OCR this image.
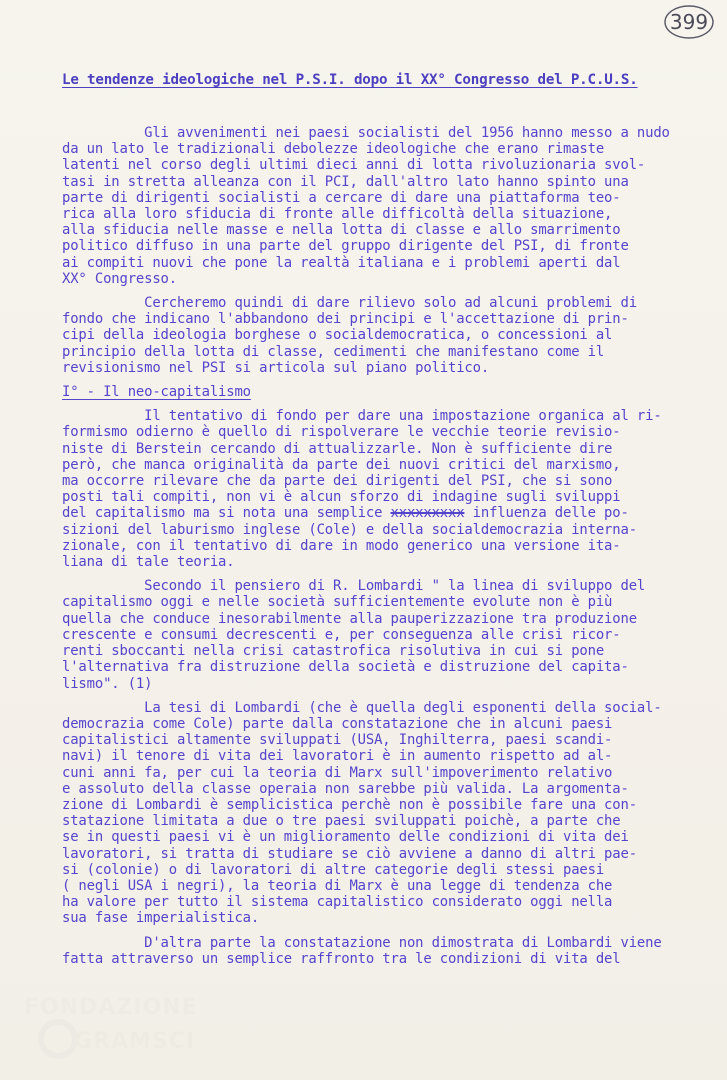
399
Le tendenze ideologiche nel P.S.I. dopo il XX° Congresso del P.C.U.S.

Gli avvenimenti nei paesi socialisti del 1956 hanno messo a nudo
da un lato le tradizionali debolezze ideologiche che erano rimaste
latenti nel corso degli ultimi dieci anni di lotta rivoluzionaria svol-
tasi in stretta alleanza con il PCI, dall'altro lato hanno spinto una
parte di dirigenti socialisti a cercare di dare una piattaforma teo-
rica alla loro sfiducia di fronte alle difficoltà della situazione,
alla sfiducia nelle masse e nella lotta di classe e allo smarrimento
politico diffuso in una parte del gruppo dirigente del PSI, di fronte
ai compiti nuovi che pone la realtà italiana e i problemi aperti dal
XX° Congresso.

Cercheremo quindi di dare rilievo solo ad alcuni problemi di
fondo che indicano l'abbandono dei principi e l'accettazione di prin-
cipi della ideologia borghese o socialdemocratica, o concessioni al
principio della lotta di classe, cedimenti che manifestano come il
revisionismo nel PSI si articola sul piano politico.

I° - Il neo-capitalismo

Il tentativo di fondo per dare una impostazione organica al ri-
formismo odierno è quello di rispolverare le vecchie teorie revisio-
niste di Berstein cercando di attualizzarle. Non è sufficiente dire
però, che manca originalità da parte dei nuovi critici del marxismo,
ma occorre rilevare che da parte dei dirigenti del PSI, che si sono
posti tali compiti, non vi è alcun sforzo di indagine sugli sviluppi
del capitalismo ma si nota una semplice xxxxxxxxx influenza delle po-
sizioni del laburismo inglese (Cole) e della socialdemocrazia interna-
zionale, con il tentativo di dare in modo generico una versione ita-
liana di tale teoria.

Secondo il pensiero di R. Lombardi " la linea di sviluppo del
capitalismo oggi e nelle società sufficientemente evolute non è più
quella che conduce inesorabilmente alla pauperizzazione tra produzione
crescente e consumi decrescenti e, per conseguenza alle crisi ricor-
renti sboccanti nella crisi catastrofica risolutiva in cui si pone
l'alternativa fra distruzione della società e distruzione del capita-
lismo". (1)

La tesi di Lombardi (che è quella degli esponenti della social-
democrazia come Cole) parte dalla constatazione che in alcuni paesi
capitalistici altamente sviluppati (USA, Inghilterra, paesi scandi-
navi) il tenore di vita dei lavoratori è in aumento rispetto ad al-
cuni anni fa, per cui la teoria di Marx sull'impoverimento relativo
e assoluto della classe operaia non sarebbe più valida. La argomenta-
zione di Lombardi è semplicistica perchè non è possibile fare una con-
statazione limitata a due o tre paesi sviluppati poichè, a parte che
se in questi paesi vi è un miglioramento delle condizioni di vita dei
lavoratori, si tratta di studiare se ciò avviene a danno di altri pae-
si (colonie) o di lavoratori di altre categorie degli stessi paesi
( negli USA i negri), la teoria di Marx è una legge di tendenza che
ha valore per tutto il sistema capitalistico considerato oggi nella
sua fase imperialistica.

D'altra parte la constatazione non dimostrata di Lombardi viene
fatta attraverso un semplice raffronto tra le condizioni di vita del

FONDAZIONE
GRAMSCI
